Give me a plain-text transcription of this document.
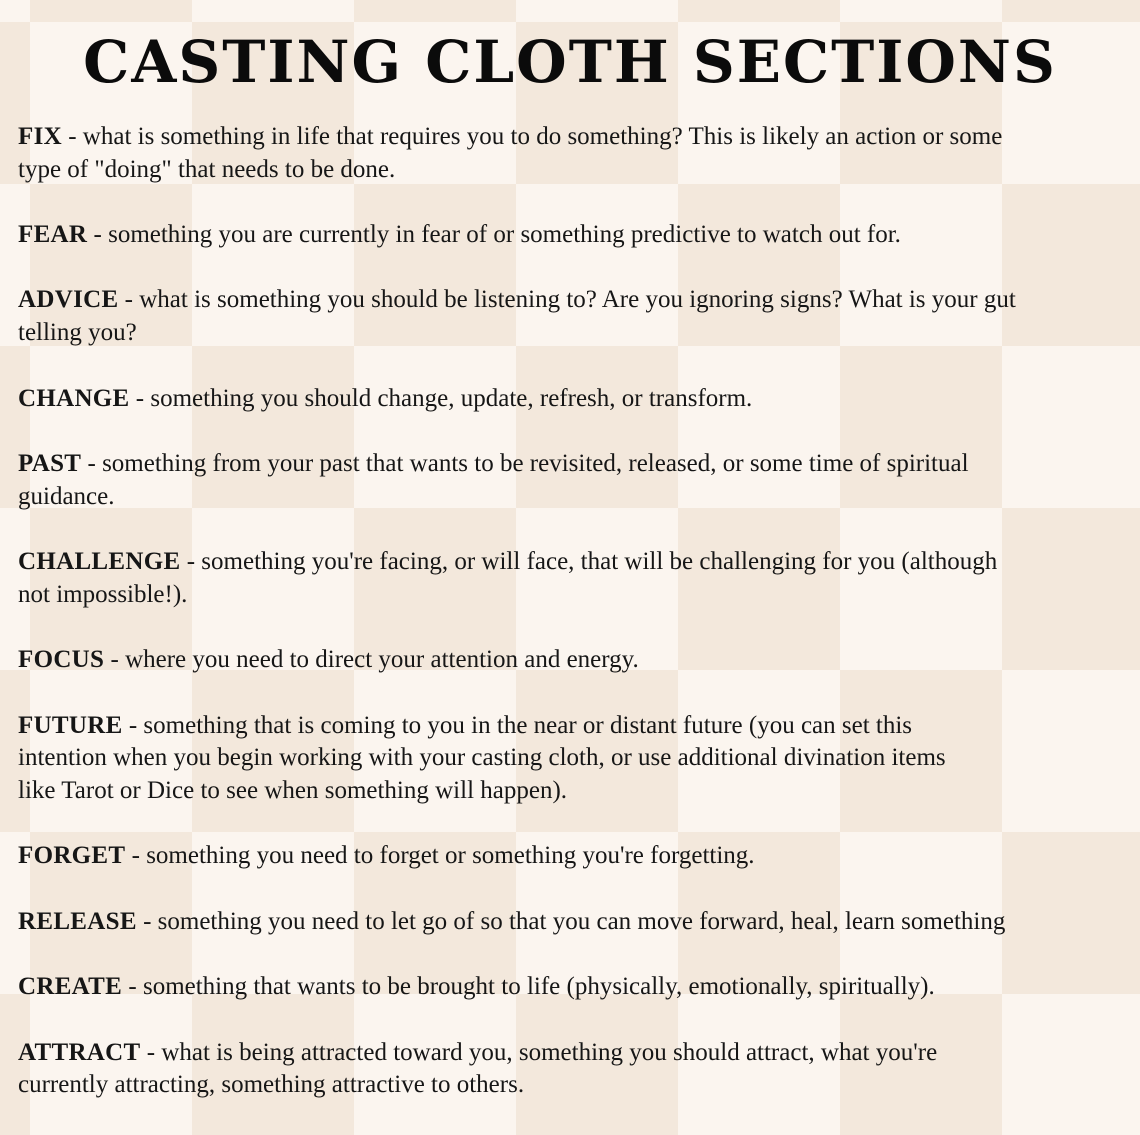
CASTING CLOTH SECTIONS
FIX - what is something in life that requires you to do something? This is likely an action or some
type of "doing" that needs to be done.
FEAR - something you are currently in fear of or something predictive to watch out for.
ADVICE - what is something you should be listening to? Are you ignoring signs? What is your gut
telling you?
CHANGE - something you should change, update, refresh, or transform.
PAST - something from your past that wants to be revisited, released, or some time of spiritual
guidance.
CHALLENGE - something you're facing, or will face, that will be challenging for you (although
not impossible!).
FOCUS - where you need to direct your attention and energy.
FUTURE - something that is coming to you in the near or distant future (you can set this
intention when you begin working with your casting cloth, or use additional divination items
like Tarot or Dice to see when something will happen).
FORGET - something you need to forget or something you're forgetting.
RELEASE - something you need to let go of so that you can move forward, heal, learn something
CREATE - something that wants to be brought to life (physically, emotionally, spiritually).
ATTRACT - what is being attracted toward you, something you should attract, what you're
currently attracting, something attractive to others.
